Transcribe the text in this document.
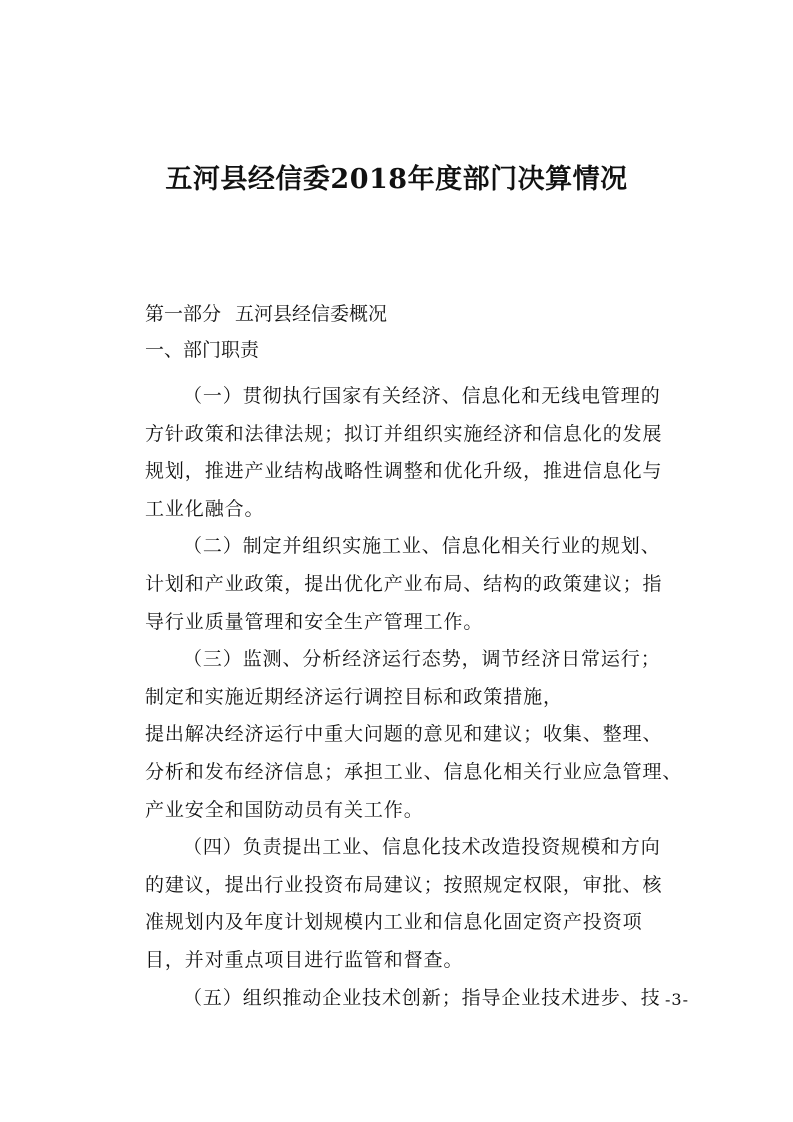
五河县经信委2018年度部门决算情况
第一部分 五河县经信委概况
一、部门职责

（一）贯彻执行国家有关经济、信息化和无线电管理的
方针政策和法律法规；拟订并组织实施经济和信息化的发展
规划，推进产业结构战略性调整和优化升级，推进信息化与
工业化融合。

（二）制定并组织实施工业、信息化相关行业的规划、
计划和产业政策，提出优化产业布局、结构的政策建议；指
导行业质量管理和安全生产管理工作。

（三）监测、分析经济运行态势，调节经济日常运行；
制定和实施近期经济运行调控目标和政策措施，
提出解决经济运行中重大问题的意见和建议；收集、整理、
分析和发布经济信息；承担工业、信息化相关行业应急管理、
产业安全和国防动员有关工作。

（四）负责提出工业、信息化技术改造投资规模和方向
的建议，提出行业投资布局建议；按照规定权限，审批、核
准规划内及年度计划规模内工业和信息化固定资产投资项
目，并对重点项目进行监管和督查。

（五）组织推动企业技术创新；指导企业技术进步、技 -3-
